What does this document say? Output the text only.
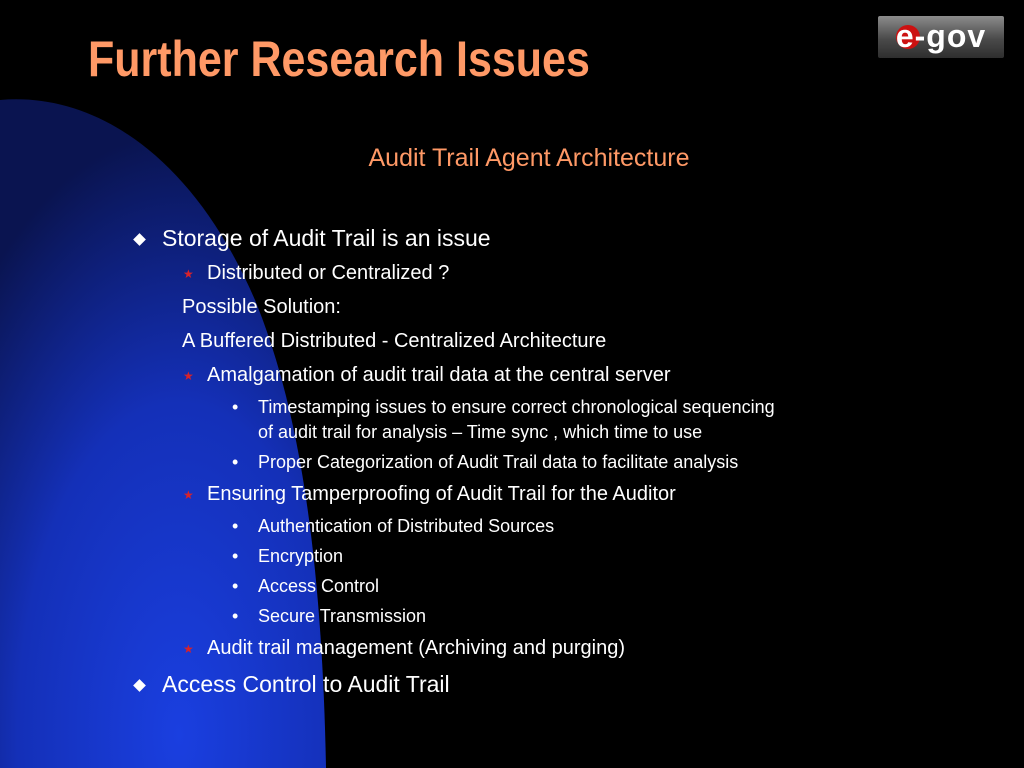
Further Research Issues	e-gov
Audit Trail Agent Architecture
Storage of Audit Trail is an issue
★ Distributed or Centralized ?
Possible Solution:
A Buffered Distributed - Centralized Architecture
★ Amalgamation of audit trail data at the central server
• Timestamping issues to ensure correct chronological sequencing
of audit trail for analysis – Time sync , which time to use
• Proper Categorization of Audit Trail data to facilitate analysis
★ Ensuring Tamperproofing of Audit Trail for the Auditor
• Authentication of Distributed Sources
• Encryption
• Access Control
• Secure Transmission
★ Audit trail management (Archiving and purging)
Access Control to Audit Trail
